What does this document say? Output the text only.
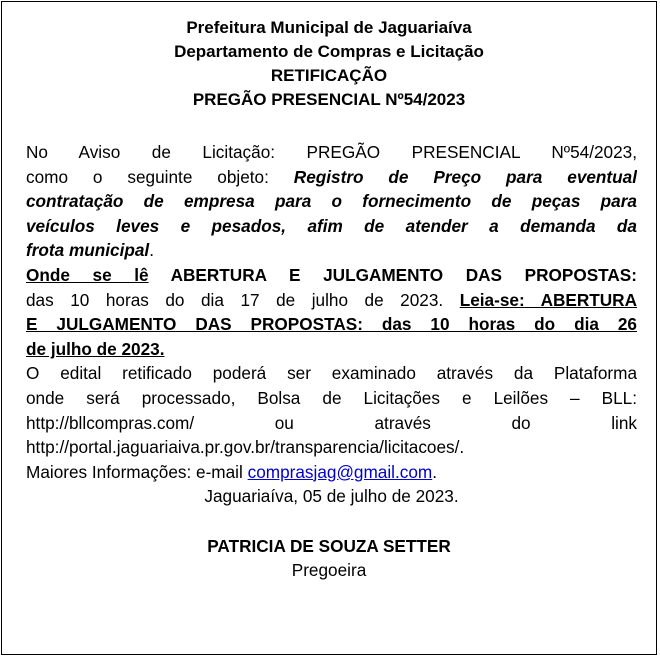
Prefeitura Municipal de Jaguariaíva
Departamento de Compras e Licitação
RETIFICAÇÃO
PREGÃO PRESENCIAL Nº54/2023
No Aviso de Licitação: PREGÃO PRESENCIAL Nº54/2023,
como o seguinte objeto: Registro de Preço para eventual
contratação de empresa para o fornecimento de peças para
veículos leves e pesados, afim de atender a demanda da
frota municipal.
Onde se lê ABERTURA E JULGAMENTO DAS PROPOSTAS:
das 10 horas do dia 17 de julho de 2023. Leia-se: ABERTURA
E JULGAMENTO DAS PROPOSTAS: das 10 horas do dia 26
de julho de 2023.
O edital retificado poderá ser examinado através da Plataforma
onde será processado, Bolsa de Licitações e Leilões – BLL:
http://bllcompras.com/ ou através do link
http://portal.jaguariaiva.pr.gov.br/transparencia/licitacoes/.
Maiores Informações: e-mail comprasjag@gmail.com.
Jaguariaíva, 05 de julho de 2023.
PATRICIA DE SOUZA SETTER
Pregoeira
